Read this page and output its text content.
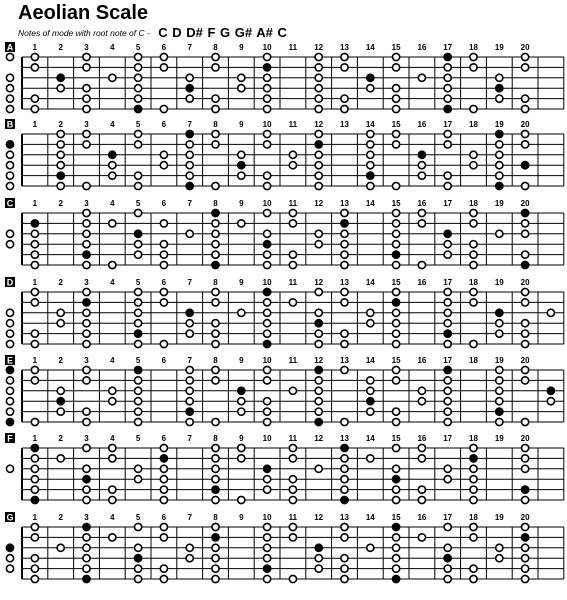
Aeolian Scale
Notes of mode with root note of C - C D D# F G G# A# C
A 1	2	3	4	5	6	7	8	9 10 11 12 13 14 15 16 17 18 19 20
B 1	2	3	4	5	6	7	8	9 10 11 12 13 14 15 16 17 18 19 20
C 1	2	3	4	5	6	7	8	9 10 11 12 13 14 15 16 17 18 19 20
D 1	2	3	4	5	6	7	8	9 10 11 12 13 14 15 16 17 18 19 20
E 1	2	3	4	5	6	7	8	9 10 11 12 13 14 15 16 17 18 19 20
F 1	2	3	4	5	6	7	8	9 10 11 12 13 14 15 16 17 18 19 20
G 1	2	3	4	5	6	7	8	9 10 11 12 13 14 15 16 17 18 19 20
